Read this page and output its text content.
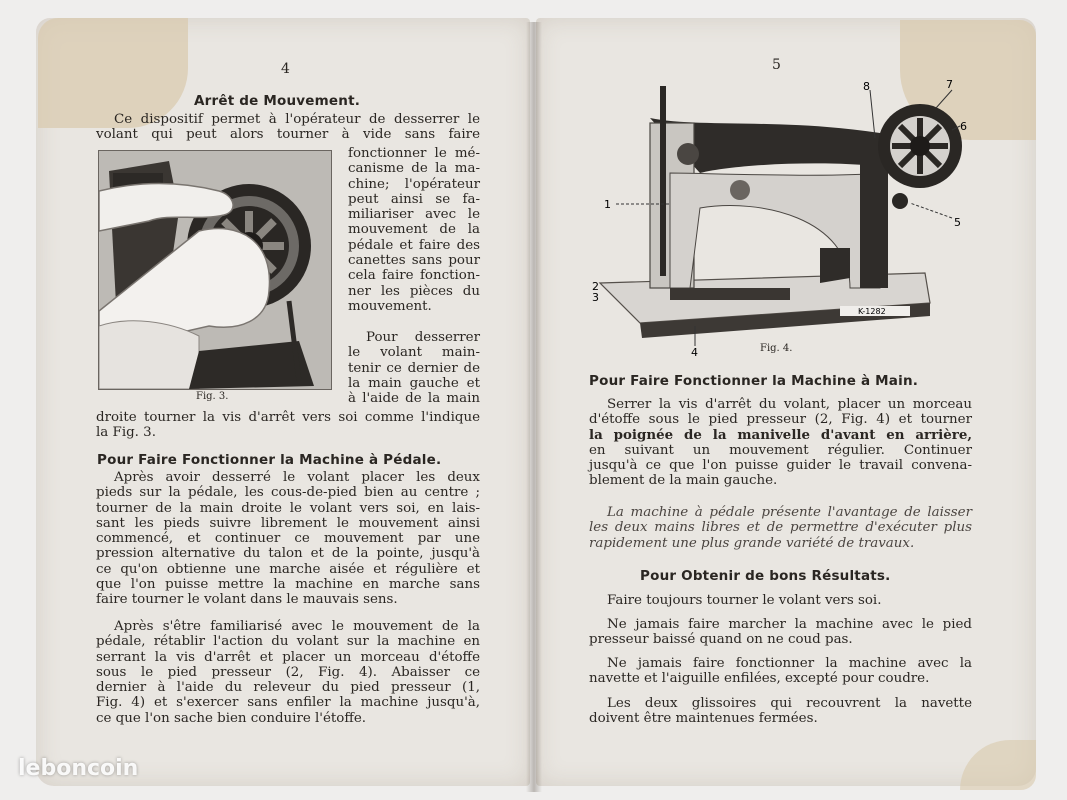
4
Arrêt de Mouvement.
Ce dispositif permet à l'opérateur de desserrer le
volant qui peut alors tourner à vide sans faire
Fig. 3.
fonctionner le mé-
canisme de la ma-
chine; l'opérateur
peut ainsi se fa-
miliariser avec le
mouvement de la
pédale et faire des
canettes sans pour
cela faire fonction-
ner les pièces du
mouvement.
Pour desserrer
le volant main-
tenir ce dernier de
la main gauche et
à l'aide de la main
droite tourner la vis d'arrêt vers soi comme l'indique
la Fig. 3.
Pour Faire Fonctionner la Machine à Pédale.
Après avoir desserré le volant placer les deux
pieds sur la pédale, les cous-de-pied bien au centre ;
tourner de la main droite le volant vers soi, en lais-
sant les pieds suivre librement le mouvement ainsi
commencé, et continuer ce mouvement par une
pression alternative du talon et de la pointe, jusqu'à
ce qu'on obtienne une marche aisée et régulière et
que l'on puisse mettre la machine en marche sans
faire tourner le volant dans le mauvais sens.
Après s'être familiarisé avec le mouvement de la
pédale, rétablir l'action du volant sur la machine en
serrant la vis d'arrêt et placer un morceau d'étoffe
sous le pied presseur (2, Fig. 4). Abaisser ce
dernier à l'aide du releveur du pied presseur (1,
Fig. 4) et s'exercer sans enfiler la machine jusqu'à,
ce que l'on sache bien conduire l'étoffe.
5
8	7
6
5
1
2
3
4
K-1282
Fig. 4.
Pour Faire Fonctionner la Machine à Main.
Serrer la vis d'arrêt du volant, placer un morceau
d'étoffe sous le pied presseur (2, Fig. 4) et tourner
la poignée de la manivelle d'avant en arrière,
en suivant un mouvement régulier. Continuer
jusqu'à ce que l'on puisse guider le travail convena-
blement de la main gauche.
La machine à pédale présente l'avantage de laisser
les deux mains libres et de permettre d'exécuter plus
rapidement une plus grande variété de travaux.
Pour Obtenir de bons Résultats.
Faire toujours tourner le volant vers soi.
Ne jamais faire marcher la machine avec le pied
presseur baissé quand on ne coud pas.
Ne jamais faire fonctionner la machine avec la
navette et l'aiguille enfilées, excepté pour coudre.
Les deux glissoires qui recouvrent la navette
doivent être maintenues fermées.
leboncoin
